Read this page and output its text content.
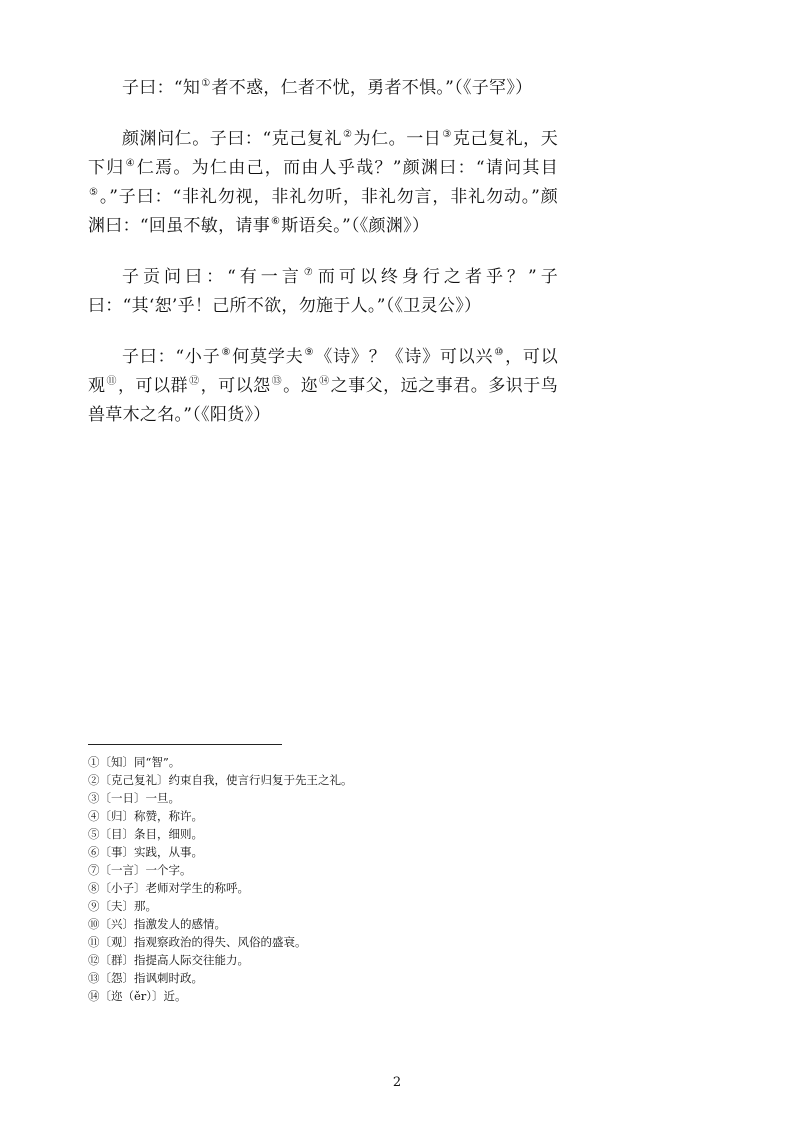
子曰：“知①者不惑，仁者不忧，勇者不惧。”（《子罕》）

颜渊问仁。子曰：“克己复礼②为仁。一日③克己复礼，天下归④仁焉。为仁由己，而由人乎哉？”颜渊曰：“请问其目⑤。”子曰：“非礼勿视，非礼勿听，非礼勿言，非礼勿动。”颜渊曰：“回虽不敏，请事⑥斯语矣。”（《颜渊》）

子贡问曰：“有一言⑦而可以终身行之者乎？”子曰：“其‘恕’乎！己所不欲，勿施于人。”（《卫灵公》）

子曰：“小子⑧何莫学夫⑨《诗》？《诗》可以兴⑩，可以观⑪，可以群⑫，可以怨⑬。迩⑭之事父，远之事君。多识于鸟兽草木之名。”（《阳货》）

①〔知〕同“智”。
②〔克己复礼〕约束自我，使言行归复于先王之礼。
③〔一日〕一旦。
④〔归〕称赞，称许。
⑤〔目〕条目，细则。
⑥〔事〕实践，从事。
⑦〔一言〕一个字。
⑧〔小子〕老师对学生的称呼。
⑨〔夫〕那。
⑩〔兴〕指激发人的感情。
⑪〔观〕指观察政治的得失、风俗的盛衰。
⑫〔群〕指提高人际交往能力。
⑬〔怨〕指讽刺时政。
⑭〔迩（ěr）〕近。
2
